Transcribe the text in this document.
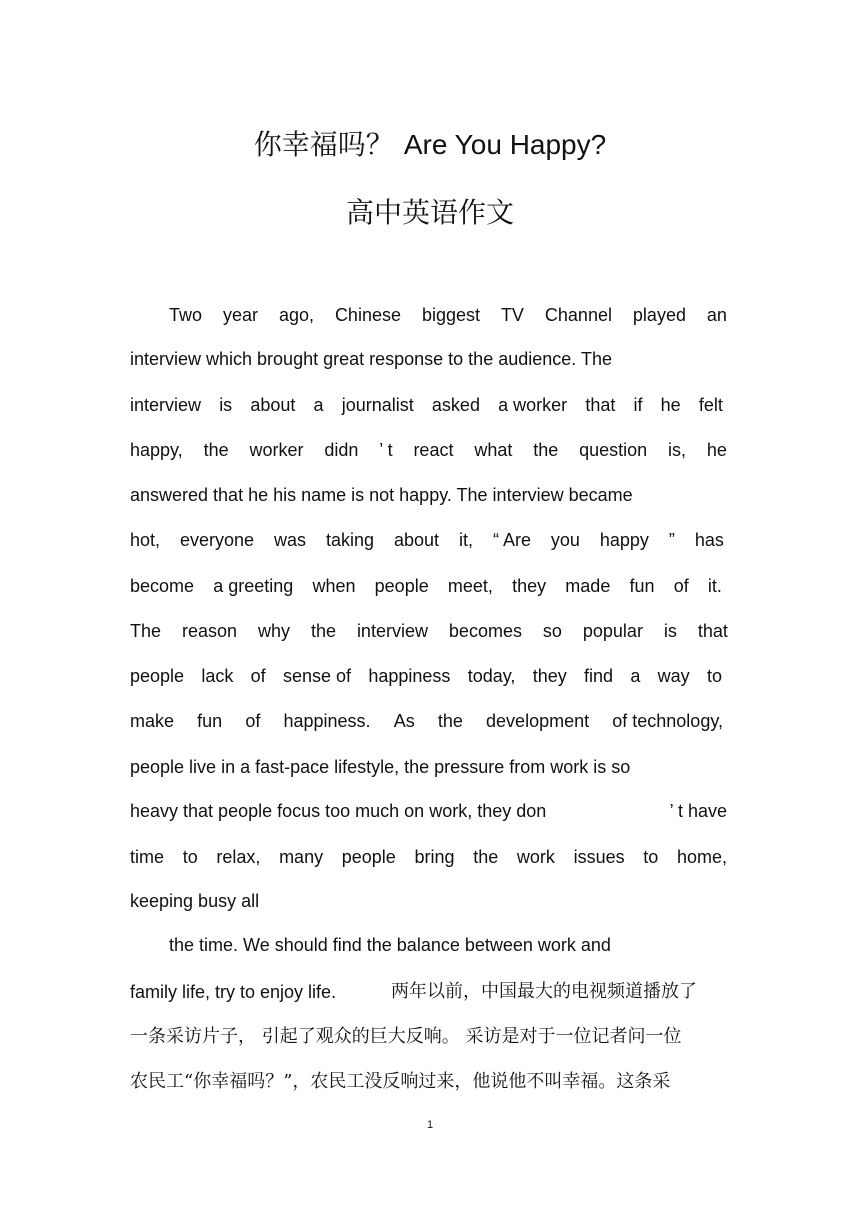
你幸福吗？ Are You Happy?
高中英语作文
Two year ago, Chinese biggest TV Channel played an
interview which brought great response to the audience. The
interview is about a journalist asked a worker that if he felt
happy, the worker didn ’ t react what the question is, he
answered that he his name is not happy. The interview became
hot, everyone was taking about it, “ Are you happy ” has
become a greeting when people meet, they made fun of it.
The reason why the interview becomes so popular is that
people lack of sense of happiness today, they find a way to
make fun of happiness. As the development of technology,
people live in a fast-pace lifestyle, the pressure from work is so
heavy that people focus too much on work, they don	’ t have
time to relax, many people bring the work issues to home,
keeping busy all
the time. We should find the balance between work and
family life, try to enjoy life.	两年以前，中国最大的电视频道播放了
一条采访片子， 引起了观众的巨大反响。 采访是对于一位记者问一位
农民工“你幸福吗？”，农民工没反响过来，他说他不叫幸福。这条采
1
